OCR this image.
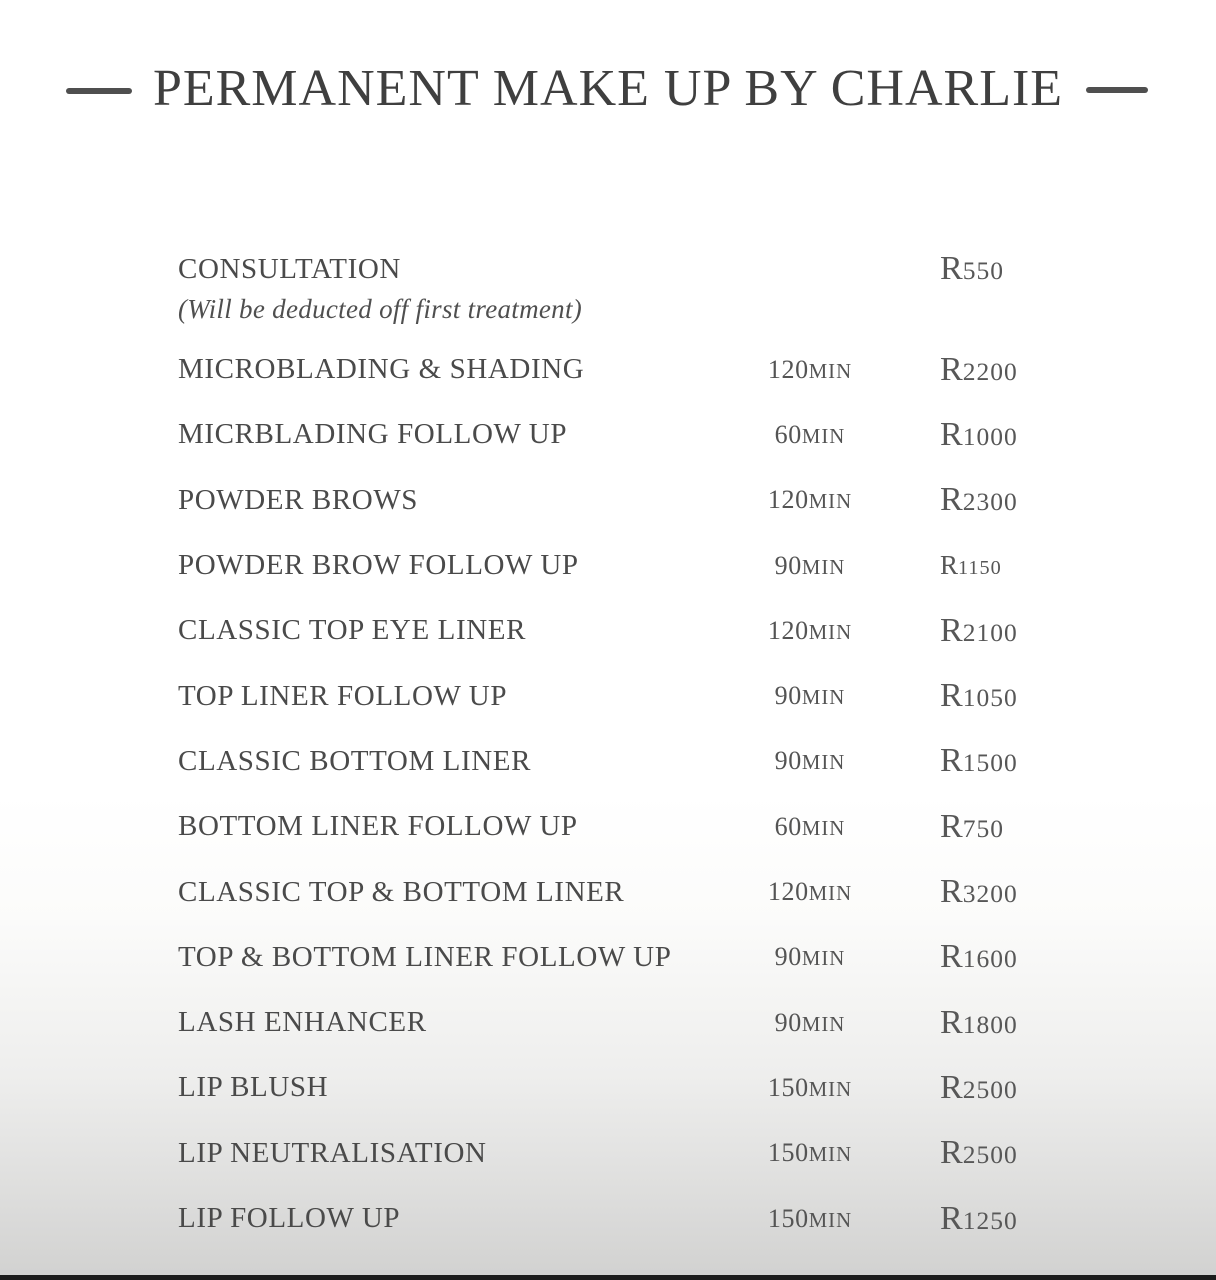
PERMANENT MAKE UP BY CHARLIE
CONSULTATION	R550
(Will be deducted off first treatment)
MICROBLADING & SHADING	120MIN	R2200
MICRBLADING FOLLOW UP	60MIN	R1000
POWDER BROWS	120MIN	R2300
POWDER BROW FOLLOW UP	90MIN	R1150
CLASSIC TOP EYE LINER	120MIN	R2100
TOP LINER FOLLOW UP	90MIN	R1050
CLASSIC BOTTOM LINER	90MIN	R1500
BOTTOM LINER FOLLOW UP	60MIN	R750
CLASSIC TOP & BOTTOM LINER	120MIN	R3200
TOP & BOTTOM LINER FOLLOW UP	90MIN	R1600
LASH ENHANCER	90MIN	R1800
LIP BLUSH	150MIN	R2500
LIP NEUTRALISATION	150MIN	R2500
LIP FOLLOW UP	150MIN	R1250
